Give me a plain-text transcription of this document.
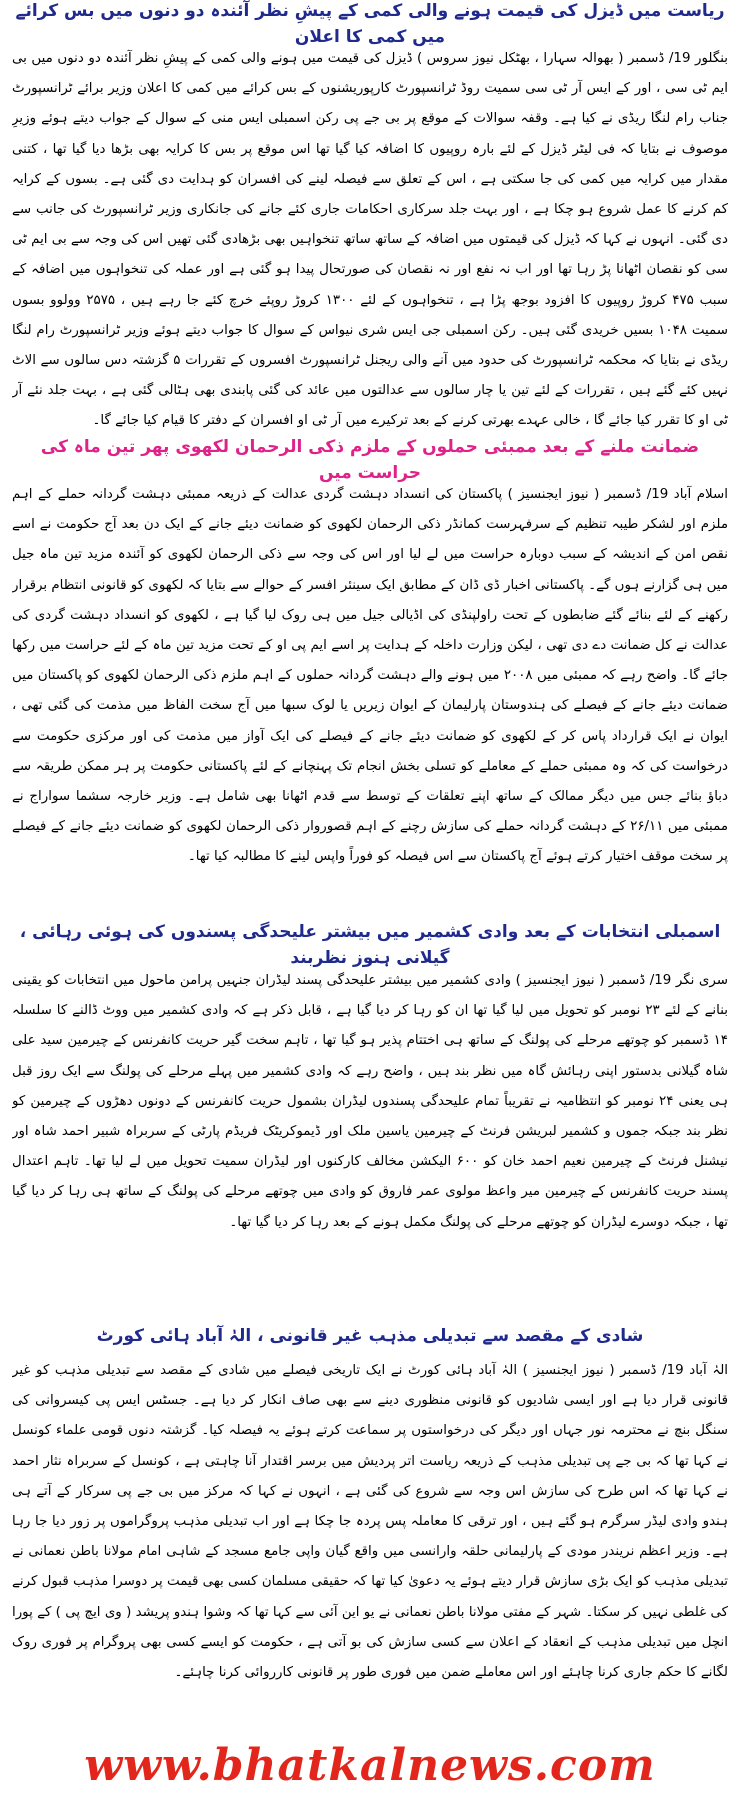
ریاست میں ڈیزل کی قیمت ہونے والی کمی کے پیشِ نظر آئندہ دو دنوں میں بس کرائے میں کمی کا اعلان

بنگلور 19/ ڈسمبر ( بھوالہ سہارا ، بھٹکل نیوز سروس ) ڈیزل کی قیمت میں ہونے والی کمی کے پیشِ نظر آئندہ دو دنوں میں بی ایم ٹی سی ، اور کے ایس آر ٹی سی سمیت روڈ ٹرانسپورٹ کارپوریشنوں کے بس کرائے میں کمی کا اعلان وزیر برائے ٹرانسپورٹ جناب رام لنگا ریڈی نے کیا ہے۔ وقفہ سوالات کے موقع پر بی جے پی رکن اسمبلی ایس منی کے سوال کے جواب دیتے ہوئے وزیرِ موصوف نے بتایا کہ فی لیٹر ڈیزل کے لئے بارہ روپیوں کا اضافہ کیا گیا تھا اس موقع پر بس کا کرایہ بھی بڑھا دیا گیا تھا ، کتنی مقدار میں کرایہ میں کمی کی جا سکتی ہے ، اس کے تعلق سے فیصلہ لینے کی افسران کو ہدایت دی گئی ہے۔ بسوں کے کرایہ کم کرنے کا عمل شروع ہو چکا ہے ، اور بہت جلد سرکاری احکامات جاری کئے جانے کی جانکاری وزیر ٹرانسپورٹ کی جانب سے دی گئی۔ انہوں نے کہا کہ ڈیزل کی قیمتوں میں اضافہ کے ساتھ ساتھ تنخواہیں بھی بڑھادی گئی تھیں اس کی وجہ سے بی ایم ٹی سی کو نقصان اٹھانا پڑ رہا تھا اور اب نہ نفع اور نہ نقصان کی صورتحال پیدا ہو گئی ہے اور عملہ کی تنخواہوں میں اضافہ کے سبب ۴۷۵ کروڑ روپیوں کا افزود بوجھ پڑا ہے ، تنخواہوں کے لئے ۱۳۰۰ کروڑ روپئے خرچ کئے جا رہے ہیں ، ۲۵۷۵ وولوو بسوں سمیت ۱۰۴۸ بسیں خریدی گئی ہیں۔ رکن اسمبلی جی ایس شری نیواس کے سوال کا جواب دیتے ہوئے وزیر ٹرانسپورٹ رام لنگا ریڈی نے بتایا کہ محکمہ ٹرانسپورٹ کی حدود میں آنے والی ریجنل ٹرانسپورٹ افسروں کے تقررات ۵ گزشتہ دس سالوں سے الاٹ نہیں کئے گئے ہیں ، تقررات کے لئے تین یا چار سالوں سے عدالتوں میں عائد کی گئی پابندی بھی ہٹالی گئی ہے ، بہت جلد نئے آر ٹی او کا تقرر کیا جائے گا ، خالی عہدے بھرتی کرنے کے بعد ترکیرے میں آر ٹی او افسران کے دفتر کا قیام کیا جائے گا۔

ضمانت ملنے کے بعد ممبئی حملوں کے ملزم ذکی الرحمان لکھوی پھر تین ماہ کی حراست میں

اسلام آباد 19/ ڈسمبر ( نیوز ایجنسیز ) پاکستان کی انسداد دہشت گردی عدالت کے ذریعہ ممبئی دہشت گردانہ حملے کے اہم ملزم اور لشکر طیبہ تنظیم کے سرفہرست کمانڈر ذکی الرحمان لکھوی کو ضمانت دیئے جانے کے ایک دن بعد آج حکومت نے اسے نقص امن کے اندیشہ کے سبب دوبارہ حراست میں لے لیا اور اس کی وجہ سے ذکی الرحمان لکھوی کو آئندہ مزید تین ماہ جیل میں ہی گزارنے ہوں گے۔ پاکستانی اخبار ڈی ڈان کے مطابق ایک سینئر افسر کے حوالے سے بتایا کہ لکھوی کو قانونی انتظام برقرار رکھنے کے لئے بنائے گئے ضابطوں کے تحت راولپنڈی کی اڈیالی جیل میں ہی روک لیا گیا ہے ، لکھوی کو انسداد دہشت گردی کی عدالت نے کل ضمانت دے دی تھی ، لیکن وزارت داخلہ کے ہدایت پر اسے ایم پی او کے تحت مزید تین ماہ کے لئے حراست میں رکھا جائے گا۔ واضح رہے کہ ممبئی میں ۲۰۰۸ میں ہونے والے دہشت گردانہ حملوں کے اہم ملزم ذکی الرحمان لکھوی کو پاکستان میں ضمانت دیئے جانے کے فیصلے کی ہندوستان پارلیمان کے ایوان زیریں یا لوک سبھا میں آج سخت الفاظ میں مذمت کی گئی تھی ، ایوان نے ایک قرارداد پاس کر کے لکھوی کو ضمانت دیئے جانے کے فیصلے کی ایک آواز میں مذمت کی اور مرکزی حکومت سے درخواست کی کہ وہ ممبئی حملے کے معاملے کو تسلی بخش انجام تک پہنچانے کے لئے پاکستانی حکومت پر ہر ممکن طریقہ سے دباؤ بنائے جس میں دیگر ممالک کے ساتھ اپنے تعلقات کے توسط سے قدم اٹھانا بھی شامل ہے۔ وزیر خارجہ سشما سواراج نے ممبئی میں ۲۶/۱۱ کے دہشت گردانہ حملے کی سازش رچنے کے اہم قصوروار ذکی الرحمان لکھوی کو ضمانت دیئے جانے کے فیصلے پر سخت موقف اختیار کرتے ہوئے آج پاکستان سے اس فیصلہ کو فوراً واپس لینے کا مطالبہ کیا تھا۔

اسمبلی انتخابات کے بعد وادی کشمیر میں بیشتر علیحدگی پسندوں کی ہوئی رہائی ، گیلانی ہنوز نظربند

سری نگر 19/ ڈسمبر ( نیوز ایجنسیز ) وادی کشمیر میں بیشتر علیحدگی پسند لیڈران جنہیں پرامن ماحول میں انتخابات کو یقینی بنانے کے لئے ۲۳ نومبر کو تحویل میں لیا گیا تھا ان کو رہا کر دیا گیا ہے ، قابل ذکر ہے کہ وادی کشمیر میں ووٹ ڈالنے کا سلسلہ ۱۴ ڈسمبر کو چوتھے مرحلے کی پولنگ کے ساتھ ہی اختتام پذیر ہو گیا تھا ، تاہم سخت گیر حریت کانفرنس کے چیرمین سید علی شاہ گیلانی بدستور اپنی رہائش گاہ میں نظر بند ہیں ، واضح رہے کہ وادی کشمیر میں پہلے مرحلے کی پولنگ سے ایک روز قبل ہی یعنی ۲۴ نومبر کو انتظامیہ نے تقریباً تمام علیحدگی پسندوں لیڈران بشمول حریت کانفرنس کے دونوں دھڑوں کے چیرمین کو نظر بند جبکہ جموں و کشمیر لبریشن فرنٹ کے چیرمین یاسین ملک اور ڈیموکریٹک فریڈم پارٹی کے سربراہ شبیر احمد شاہ اور نیشنل فرنٹ کے چیرمین نعیم احمد خان کو ۶۰۰ الیکشن مخالف کارکنوں اور لیڈران سمیت تحویل میں لے لیا تھا۔ تاہم اعتدال پسند حریت کانفرنس کے چیرمین میر واعظ مولوی عمر فاروق کو وادی میں چوتھے مرحلے کی پولنگ کے ساتھ ہی رہا کر دیا گیا تھا ، جبکہ دوسرے لیڈران کو چوتھے مرحلے کی پولنگ مکمل ہونے کے بعد رہا کر دیا گیا تھا۔

شادی کے مقصد سے تبدیلی مذہب غیر قانونی ، الہٰ آباد ہائی کورٹ

الہٰ آباد 19/ ڈسمبر ( نیوز ایجنسیز ) الہٰ آباد ہائی کورٹ نے ایک تاریخی فیصلے میں شادی کے مقصد سے تبدیلی مذہب کو غیر قانونی قرار دیا ہے اور ایسی شادیوں کو قانونی منظوری دینے سے بھی صاف انکار کر دیا ہے۔ جسٹس ایس پی کیسروانی کی سنگل بنچ نے محترمہ نور جہاں اور دیگر کی درخواستوں پر سماعت کرتے ہوئے یہ فیصلہ کیا۔ گزشتہ دنوں قومی علماء کونسل نے کہا تھا کہ بی جے پی تبدیلی مذہب کے ذریعہ ریاست اتر پردیش میں برسر اقتدار آنا چاہتی ہے ، کونسل کے سربراہ نثار احمد نے کہا تھا کہ اس طرح کی سازش اس وجہ سے شروع کی گئی ہے ، انہوں نے کہا کہ مرکز میں بی جے پی سرکار کے آتے ہی ہندو وادی لیڈر سرگرم ہو گئے ہیں ، اور ترقی کا معاملہ پس پردہ جا چکا ہے اور اب تبدیلی مذہب پروگراموں پر زور دیا جا رہا ہے۔ وزیر اعظم نریندر مودی کے پارلیمانی حلقہ وارانسی میں واقع گیان واپی جامع مسجد کے شاہی امام مولانا باطن نعمانی نے تبدیلی مذہب کو ایک بڑی سازش قرار دیتے ہوئے یہ دعویٰ کیا تھا کہ حقیقی مسلمان کسی بھی قیمت پر دوسرا مذہب قبول کرنے کی غلطی نہیں کر سکتا۔ شہر کے مفتی مولانا باطن نعمانی نے یو این آئی سے کہا تھا کہ وشوا ہندو پریشد ( وی ایچ پی ) کے پورا انچل میں تبدیلی مذہب کے انعقاد کے اعلان سے کسی سازش کی بو آتی ہے ، حکومت کو ایسے کسی بھی پروگرام پر فوری روک لگانے کا حکم جاری کرنا چاہئے اور اس معاملے ضمن میں فوری طور پر قانونی کارروائی کرنا چاہئے۔

www.bhatkalnews.com
